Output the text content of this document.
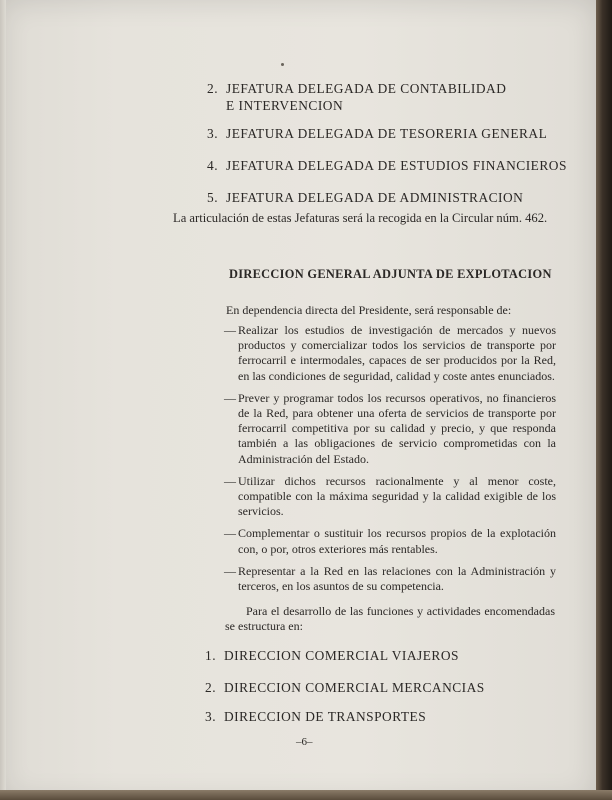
2. JEFATURA DELEGADA DE CONTABILIDAD
E INTERVENCION
3. JEFATURA DELEGADA DE TESORERIA GENERAL
4. JEFATURA DELEGADA DE ESTUDIOS FINANCIEROS
5. JEFATURA DELEGADA DE ADMINISTRACION
La articulación de estas Jefaturas será la recogida en la Circular núm. 462.
DIRECCION GENERAL ADJUNTA DE EXPLOTACION
En dependencia directa del Presidente, será responsable de:
— Realizar los estudios de investigación de mercados y nuevos productos y comercializar todos los servicios de transporte por ferrocarril e intermodales, capaces de ser producidos por la Red, en las condiciones de seguridad, calidad y coste antes enunciados.
— Prever y programar todos los recursos operativos, no financieros de la Red, para obtener una oferta de servicios de transporte por ferrocarril competitiva por su calidad y precio, y que responda también a las obligaciones de servicio comprometidas con la Administración del Estado.
— Utilizar dichos recursos racionalmente y al menor coste, compatible con la máxima seguridad y la calidad exigible de los servicios.
— Complementar o sustituir los recursos propios de la explotación con, o por, otros exteriores más rentables.
— Representar a la Red en las relaciones con la Administración y terceros, en los asuntos de su competencia.
Para el desarrollo de las funciones y actividades encomendadas se estructura en:
1. DIRECCION COMERCIAL VIAJEROS
2. DIRECCION COMERCIAL MERCANCIAS
3. DIRECCION DE TRANSPORTES
–6–
